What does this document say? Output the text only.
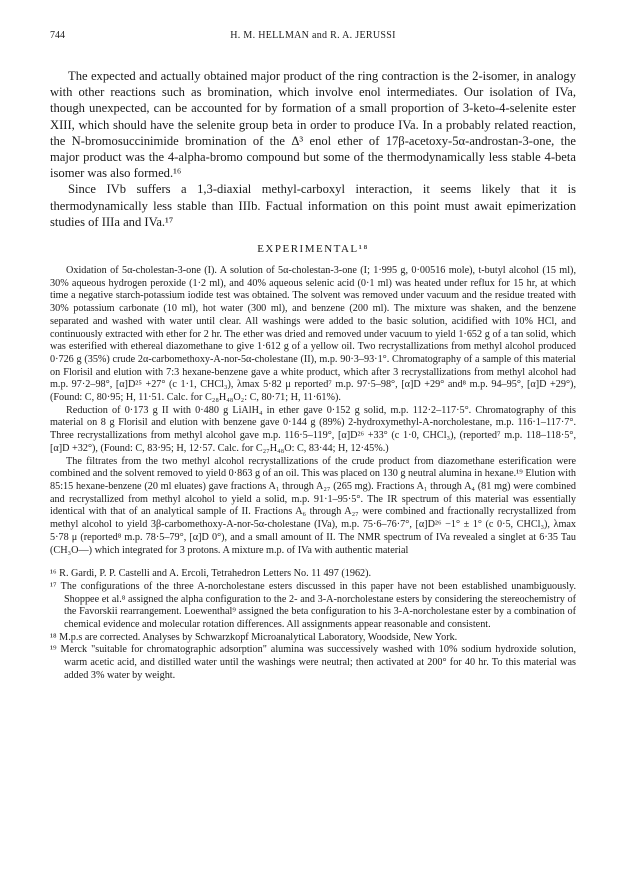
744	H. M. HELLMAN and R. A. JERUSSI

The expected and actually obtained major product of the ring contraction is the 2-isomer, in analogy with other reactions such as bromination, which involve enol intermediates. Our isolation of IVa, though unexpected, can be accounted for by formation of a small proportion of 3-keto-4-selenite ester XIII, which should have the selenite group beta in order to produce IVa. In a probably related reaction, the N-bromosuccinimide bromination of the Δ³ enol ether of 17β-acetoxy-5α-androstan-3-one, the major product was the 4-alpha-bromo compound but some of the thermodynamically less stable 4-beta isomer was also formed.¹⁶

Since IVb suffers a 1,3-diaxial methyl-carboxyl interaction, it seems likely that it is thermodynamically less stable than IIIb. Factual information on this point must await epimerization studies of IIIa and IVa.¹⁷

EXPERIMENTAL¹⁸

Oxidation of 5α-cholestan-3-one (I). A solution of 5α-cholestan-3-one (I; 1·995 g, 0·00516 mole), t-butyl alcohol (15 ml), 30% aqueous hydrogen peroxide (1·2 ml), and 40% aqueous selenic acid (0·1 ml) was heated under reflux for 15 hr, at which time a negative starch-potassium iodide test was obtained. The solvent was removed under vacuum and the residue treated with 30% potassium carbonate (10 ml), hot water (300 ml), and benzene (200 ml). The mixture was shaken, and the benzene separated and washed with water until clear. All washings were added to the basic solution, acidified with 10% HCl, and continuously extracted with ether for 2 hr. The ether was dried and removed under vacuum to yield 1·652 g of a tan solid, which was esterified with ethereal diazomethane to give 1·612 g of a yellow oil. Two recrystallizations from methyl alcohol produced 0·726 g (35%) crude 2α-carbomethoxy-A-nor-5α-cholestane (II), m.p. 90·3–93·1°. Chromatography of a sample of this material on Florisil and elution with 7:3 hexane-benzene gave a white product, which after 3 recrystallizations from methyl alcohol had m.p. 97·2–98°, [α]D²⁵ +27° (c 1·1, CHCl₃), λmax 5·82 μ reported⁷ m.p. 97·5–98°, [α]D +29° and⁸ m.p. 94–95°, [α]D +29°), (Found: C, 80·95; H, 11·51. Calc. for C₂₈H₄₈O₂: C, 80·71; H, 11·61%).

Reduction of 0·173 g II with 0·480 g LiAlH₄ in ether gave 0·152 g solid, m.p. 112·2–117·5°. Chromatography of this material on 8 g Florisil and elution with benzene gave 0·144 g (89%) 2-hydroxymethyl-A-norcholestane, m.p. 116·1–117·7°. Three recrystallizations from methyl alcohol gave m.p. 116·5–119°, [α]D²⁶ +33° (c 1·0, CHCl₃), (reported⁷ m.p. 118–118·5°, [α]D +32°), (Found: C, 83·95; H, 12·57. Calc. for C₂₇H₄₈O: C, 83·44; H, 12·45%.)

The filtrates from the two methyl alcohol recrystallizations of the crude product from diazomethane esterification were combined and the solvent removed to yield 0·863 g of an oil. This was placed on 130 g neutral alumina in hexane.¹⁹ Elution with 85:15 hexane-benzene (20 ml eluates) gave fractions A₁ through A₂₇ (265 mg). Fractions A₁ through A₄ (81 mg) were combined and recrystallized from methyl alcohol to yield a solid, m.p. 91·1–95·5°. The IR spectrum of this material was essentially identical with that of an analytical sample of II. Fractions A₆ through A₂₇ were combined and fractionally recrystallized from methyl alcohol to yield 3β-carbomethoxy-A-nor-5α-cholestane (IVa), m.p. 75·6–76·7°, [α]D²⁶ −1° ± 1° (c 0·5, CHCl₃), λmax 5·78 μ (reported⁸ m.p. 78·5–79°, [α]D 0°), and a small amount of II. The NMR spectrum of IVa revealed a singlet at 6·35 Tau (CH₃O—) which integrated for 3 protons. A mixture m.p. of IVa with authentic material

¹⁶ R. Gardi, P. P. Castelli and A. Ercoli, Tetrahedron Letters No. 11 497 (1962).

¹⁷ The configurations of the three A-norcholestane esters discussed in this paper have not been established unambiguously. Shoppee et al.⁸ assigned the alpha configuration to the 2- and 3-A-norcholestane esters by considering the stereochemistry of the Favorskii rearrangement. Loewenthal⁹ assigned the beta configuration to his 3-A-norcholestane ester by a combination of chemical evidence and molecular rotation differences. All assignments appear reasonable and consistent.

¹⁸ M.p.s are corrected. Analyses by Schwarzkopf Microanalytical Laboratory, Woodside, New York.

¹⁹ Merck "suitable for chromatographic adsorption" alumina was successively washed with 10% sodium hydroxide solution, warm acetic acid, and distilled water until the washings were neutral; then activated at 200° for 40 hr. To this material was added 3% water by weight.
